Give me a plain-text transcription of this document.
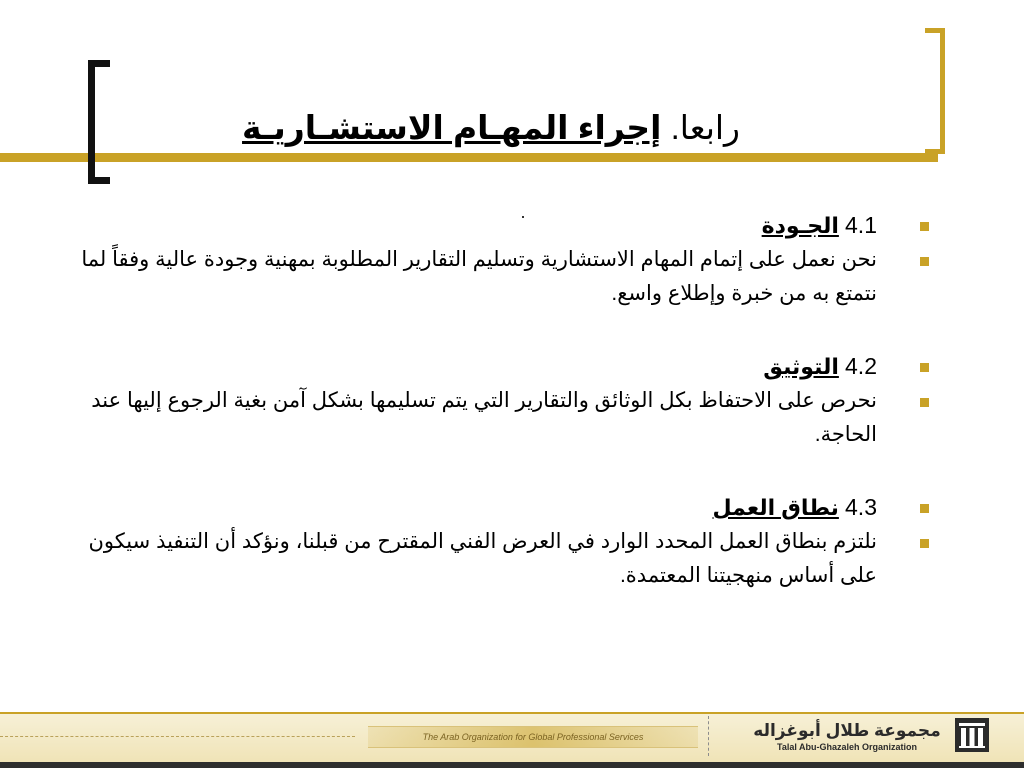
رابعا. إجراء المهـام الاستشـاريـة
4.1 الجـودة
نحن نعمل على إتمام المهام الاستشارية وتسليم التقارير المطلوبة بمهنية وجودة عالية وفقاً لما نتمتع به من خبرة وإطلاع واسع.
4.2 التوثيق
نحرص على الاحتفاظ بكل الوثائق والتقارير التي يتم تسليمها بشكل آمن بغية الرجوع إليها عند الحاجة.
4.3 نطاق العمل
نلتزم بنطاق العمل المحدد الوارد في العرض الفني المقترح من قبلنا، ونؤكد أن التنفيذ سيكون على أساس منهجيتنا المعتمدة.
The Arab Organization for Global Professional Services	مجموعة طلال أبوغزاله
Talal Abu-Ghazaleh Organization
